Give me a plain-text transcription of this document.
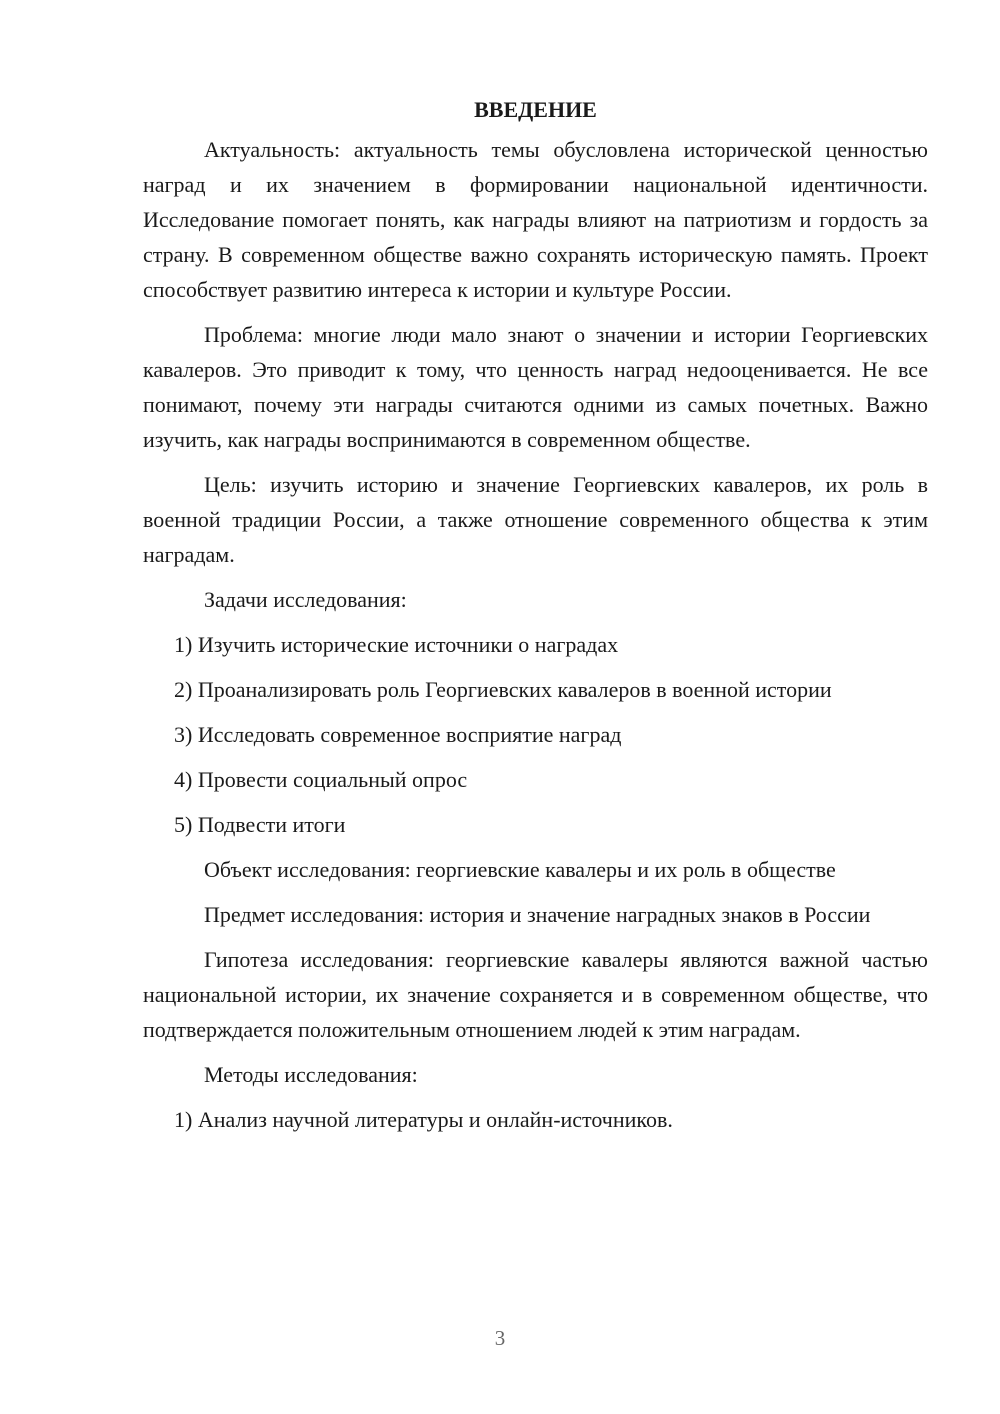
ВВЕДЕНИЕ

Актуальность: актуальность темы обусловлена исторической ценностью наград и их значением в формировании национальной идентичности. Исследование помогает понять, как награды влияют на патриотизм и гордость за страну. В современном обществе важно сохранять историческую память. Проект способствует развитию интереса к истории и культуре России.

Проблема: многие люди мало знают о значении и истории Георгиевских кавалеров. Это приводит к тому, что ценность наград недооценивается. Не все понимают, почему эти награды считаются одними из самых почетных. Важно изучить, как награды воспринимаются в современном обществе.

Цель: изучить историю и значение Георгиевских кавалеров, их роль в военной традиции России, а также отношение современного общества к этим наградам.

Задачи исследования:

1) Изучить исторические источники о наградах
2) Проанализировать роль Георгиевских кавалеров в военной истории
3) Исследовать современное восприятие наград
4) Провести социальный опрос
5) Подвести итоги

Объект исследования: георгиевские кавалеры и их роль в обществе

Предмет исследования: история и значение наградных знаков в России

Гипотеза исследования: георгиевские кавалеры являются важной частью национальной истории, их значение сохраняется и в современном обществе, что подтверждается положительным отношением людей к этим наградам.

Методы исследования:

1) Анализ научной литературы и онлайн-источников.
3
